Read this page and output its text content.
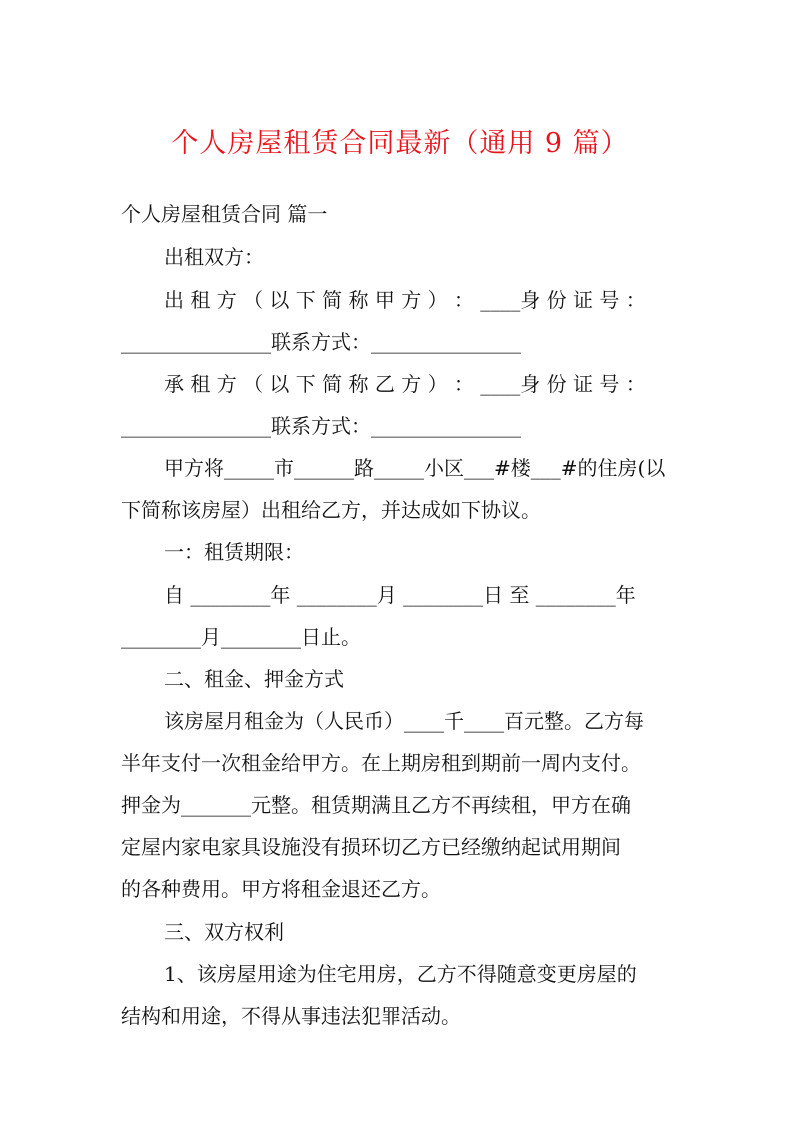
个人房屋租赁合同最新（通用 9 篇）
个人房屋租赁合同 篇一
出租双方：
出 租 方 （ 以 下 简 称 甲 方 ） ： ____身 份 证 号 ：
_______________联系方式：_______________
承 租 方 （ 以 下 简 称 乙 方 ） ： ____身 份 证 号 ：
_______________联系方式：_______________
甲方将_____市______路_____小区___#楼___#的住房(以
下简称该房屋）出租给乙方，并达成如下协议。
一：租赁期限：
自 ________年 ________月 ________日 至 ________年
________月________日止。
二、租金、押金方式
该房屋月租金为（人民币）____千____百元整。乙方每
半年支付一次租金给甲方。在上期房租到期前一周内支付。
押金为_______元整。租赁期满且乙方不再续租，甲方在确
定屋内家电家具设施没有损环切乙方已经缴纳起试用期间
的各种费用。甲方将租金退还乙方。
三、双方权利
1、该房屋用途为住宅用房，乙方不得随意变更房屋的
结构和用途，不得从事违法犯罪活动。
